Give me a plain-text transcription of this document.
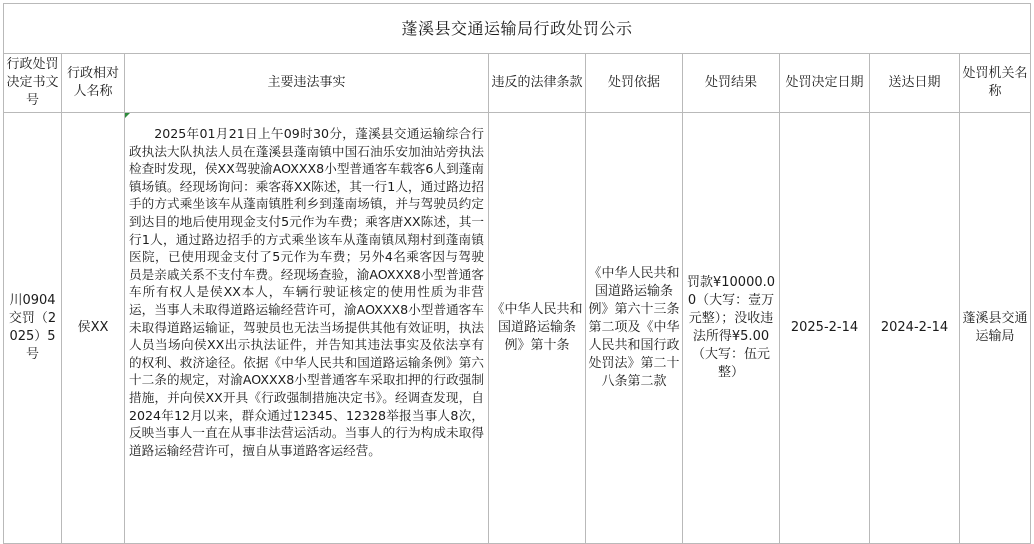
蓬溪县交通运输局行政处罚公示								
行政处罚决定书文号	行政相对人名称	主要违法事实	违反的法律条款	处罚依据	处罚结果	处罚决定日期	送达日期	处罚机关名称
川0904交罚（2025）5号	侯XX	2025年01月21日上午09时30分，蓬溪县交通运输综合行政执法大队执法人员在蓬溪县蓬南镇中国石油乐安加油站旁执法检查时发现，侯XX驾驶渝AOXXX8小型普通客车载客6人到蓬南镇场镇。经现场询问：乘客蒋XX陈述，其一行1人，通过路边招手的方式乘坐该车从蓬南镇胜利乡到蓬南场镇，并与驾驶员约定到达目的地后使用现金支付5元作为车费；乘客唐XX陈述，其一行1人，通过路边招手的方式乘坐该车从蓬南镇凤翔村到蓬南镇医院，已使用现金支付了5元作为车费；另外4名乘客因与驾驶员是亲戚关系不支付车费。经现场查验，渝AOXXX8小型普通客车所有权人是侯XX本人，车辆行驶证核定的使用性质为非营运，当事人未取得道路运输经营许可，渝AOXXX8小型普通客车未取得道路运输证，驾驶员也无法当场提供其他有效证明，执法人员当场向侯XX出示执法证件，并告知其违法事实及依法享有的权利、救济途径。依据《中华人民共和国道路运输条例》第六十二条的规定，对渝AOXXX8小型普通客车采取扣押的行政强制措施，并向侯XX开具《行政强制措施决定书》。经调查发现，自2024年12月以来，群众通过12345、12328举报当事人8次，反映当事人一直在从事非法营运活动。当事人的行为构成未取得道路运输经营许可，擅自从事道路客运经营。	《中华人民共和国道路运输条例》第十条	《中华人民共和国道路运输条例》第六十三条第二项及《中华人民共和国行政处罚法》第二十八条第二款	罚款¥10000.00（大写：壹万元整）；没收违法所得¥5.00（大写：伍元整）	2025-2-14	2024-2-14	蓬溪县交通运输局
